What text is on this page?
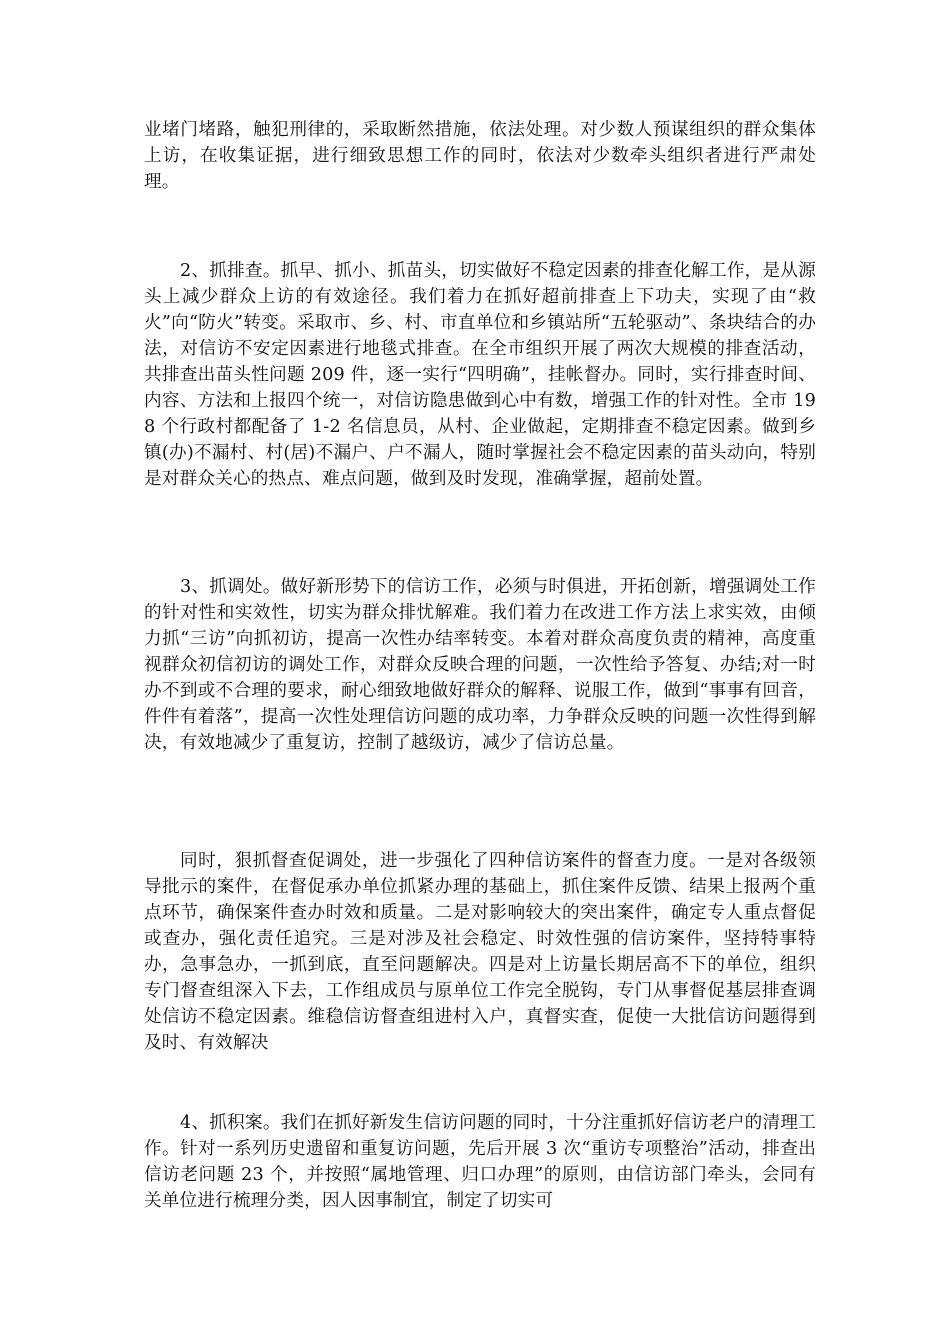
业堵门堵路，触犯刑律的，采取断然措施，依法处理。对少数人预谋组织的群众集体上访，在收集证据，进行细致思想工作的同时，依法对少数牵头组织者进行严肃处理。

2、抓排查。抓早、抓小、抓苗头，切实做好不稳定因素的排查化解工作，是从源头上减少群众上访的有效途径。我们着力在抓好超前排查上下功夫，实现了由“救火”向“防火”转变。采取市、乡、村、市直单位和乡镇站所“五轮驱动”、条块结合的办法，对信访不安定因素进行地毯式排查。在全市组织开展了两次大规模的排查活动，共排查出苗头性问题 209 件，逐一实行“四明确”，挂帐督办。同时，实行排查时间、内容、方法和上报四个统一，对信访隐患做到心中有数，增强工作的针对性。全市 198 个行政村都配备了 1-2 名信息员，从村、企业做起，定期排查不稳定因素。做到乡镇(办)不漏村、村(居)不漏户、户不漏人，随时掌握社会不稳定因素的苗头动向，特别是对群众关心的热点、难点问题，做到及时发现，准确掌握，超前处置。

3、抓调处。做好新形势下的信访工作，必须与时俱进，开拓创新，增强调处工作的针对性和实效性，切实为群众排忧解难。我们着力在改进工作方法上求实效，由倾力抓“三访”向抓初访，提高一次性办结率转变。本着对群众高度负责的精神，高度重视群众初信初访的调处工作，对群众反映合理的问题，一次性给予答复、办结;对一时办不到或不合理的要求，耐心细致地做好群众的解释、说服工作，做到“事事有回音，件件有着落”，提高一次性处理信访问题的成功率，力争群众反映的问题一次性得到解决，有效地减少了重复访，控制了越级访，减少了信访总量。

同时，狠抓督查促调处，进一步强化了四种信访案件的督查力度。一是对各级领导批示的案件，在督促承办单位抓紧办理的基础上，抓住案件反馈、结果上报两个重点环节，确保案件查办时效和质量。二是对影响较大的突出案件，确定专人重点督促或查办，强化责任追究。三是对涉及社会稳定、时效性强的信访案件，坚持特事特办，急事急办，一抓到底，直至问题解决。四是对上访量长期居高不下的单位，组织专门督查组深入下去，工作组成员与原单位工作完全脱钩，专门从事督促基层排查调处信访不稳定因素。维稳信访督查组进村入户，真督实查，促使一大批信访问题得到及时、有效解决

4、抓积案。我们在抓好新发生信访问题的同时，十分注重抓好信访老户的清理工作。针对一系列历史遗留和重复访问题，先后开展 3 次“重访专项整治”活动，排查出信访老问题 23 个，并按照“属地管理、归口办理”的原则，由信访部门牵头，会同有关单位进行梳理分类，因人因事制宜，制定了切实可
